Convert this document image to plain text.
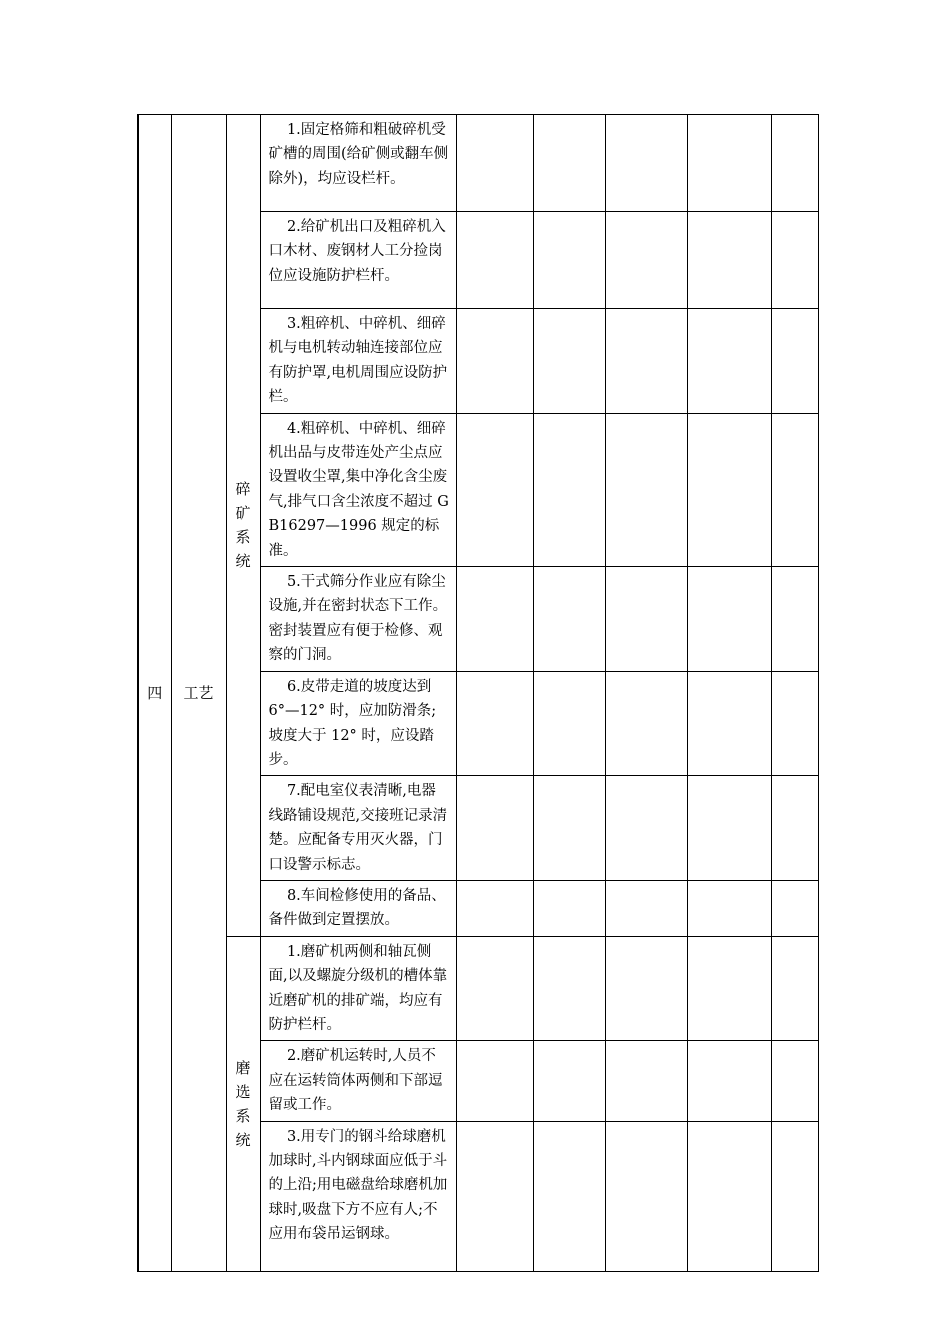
四	工艺	碎
矿
系
统	1.固定格筛和粗破碎机受矿槽的周围(给矿侧或翻车侧除外)，均应设栏杆。					
			2.给矿机出口及粗碎机入口木材、废钢材人工分捡岗位应设施防护栏杆。					
			3.粗碎机、中碎机、细碎机与电机转动轴连接部位应有防护罩,电机周围应设防护栏。					
			4.粗碎机、中碎机、细碎机出品与皮带连处产尘点应设置收尘罩,集中净化含尘废气,排气口含尘浓度不超过 GB16297—1996 规定的标准。					
			5.干式筛分作业应有除尘设施,并在密封状态下工作。密封装置应有便于检修、观察的门洞。					
			6.皮带走道的坡度达到 6°—12° 时，应加防滑条;坡度大于 12° 时，应设踏步。					
			7.配电室仪表清晰,电器线路铺设规范,交接班记录清楚。应配备专用灭火器，门口设警示标志。					
			8.车间检修使用的备品、备件做到定置摆放。					

		磨
选
系
统	1.磨矿机两侧和轴瓦侧面,以及螺旋分级机的槽体靠近磨矿机的排矿端，均应有防护栏杆。					
			2.磨矿机运转时,人员不应在运转筒体两侧和下部逗留或工作。					
			3.用专门的钢斗给球磨机加球时,斗内钢球面应低于斗的上沿;用电磁盘给球磨机加球时,吸盘下方不应有人;不应用布袋吊运钢球。					
